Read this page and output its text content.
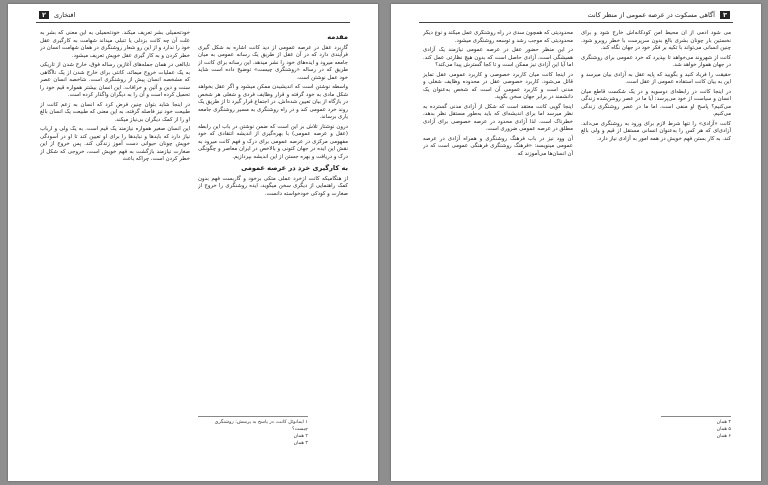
۲ افتخاری
مقدمه

گاربرد عقل در عرصه عمومی از دید کانت اشاره به شکل گیری فرآیندی دارد که در آن عقل از طریق یک رسانه عمومی به میان جامعه میرود و ایده‌های خود را نشر میدهد. این رسانه برای کانت از طریق که در رساله «روشنگری چیست» توضیح داده است شاید خود عمل نوشتن است.

واسطه نوشتن است که اندیشیدن ممکن میشود و اگر عقل بخواهد شکل مادی به خود گرفته و قرار وظایف فردی و شغلی هر شخص در بازگاه از بیان تعیین شده‌اش، در اجتماع قرار گیرد تا از طریق یک روند خرد عمومی کند و در راه روشنگری به مسیر روشنگری جامعه یاری برساند.

درون نوشتار تلاش بر این است که ضمن نوشتن در باب این رابطه (عقل و عرصه عمومی) با بهره‌گیری از اندیشه انتقادی که خود مفهومی مرکزی در عرصه عمومی برای درک و فهم کانت میرود به نقش این ایده در جهان کنونی و بالاخص در ایران معاصر و چگونگی درک و دریافت و بهره جستن از این اندیشه بپردازیم.

به کارگیری خرد در عرصه عمومی

از هنگامیکه کانت ازخرد عملی متکی برخود و گاربست فهم بدون کمک راهنمایی از دیگری سخن میگوید، ایده روشنگری را خروج از صغارت و کودکی خودخواسته دانست.

خودتحمیلی بشر تعریف میکند. خودتحمیلی به این معنی که بشر به علت آن چه کانت بزدلی یا تنبلی میداند شهامت به کارگیری عقل خود را ندارد و از این رو شعار روشنگری در همان شهامت انسان در خطر کردن و به کار گیری عقل خویش تعریف میشود.

نابالغی در همان جمله‌های آغازین رساله فوق، خارج شدن از تاریکی به یک عملیات خروج میمانَد، کانتی برای خارج شدن از یک ناآگاهی که مشخصه انسان پیش از روشنگری است. شاخصه انسان عصر سنت و دین و آئین و خرافات. این انسان بیشتر همواره قیم خود را تحمیل کرده است و آن را به دیگران واگذار کرده است.

در اینجا شاید بتوان چنین فرض کرد که انسان به زعم کانت از طبیعت خود نیز فاصله گرفته، به این معنی که طبیعت یک انسان بالغ او را از کمک دیگران بی‌نیاز میکند.

این انسان صغیر همواره نیازمند یک قیم است. به یک ولی و ارباب نیاز دارد که بایدها و نبایدها را برای او تعیین کند تا او در آسودگی خویش چونان حیوانی دست آموز زندگی کند. پس خروج از این صغارت نیازمند بازگشت به فهم خویش است، خروجی که شکل از خطر کردن است، چراکه باعث

۱ ایمانوئل کانت، در پاسخ به پرسش: روشنگری چیست؟
۲ همان
۳ همان
آگاهی مسکوت در عرصه عمومی از منظر کانت ۳

می شود آدمی از آن محیط امن کودکانه‌اش خارج شود و برای نخستین بار چونان بشری بالغ بدون سرپرست با خطر روبرو شود. چنین انسانی می‌تواند با تکیه بر فکر خود در جهان نگاه کند.

کانت از شهروند می‌خواهد تا بپذیرد که خرد عمومی برای روشنگری در جهان هموار خواهد شد.

حقیقت را فریاد کنید و بگویید که پایه عقل به آزادی بیان میرسد و این به بیان کانت استفاده عمومی از عقل است.

در اینجا کانت در رابطه‌ای دوسویه و در یک شکست قاطع میان انسان و سیاست از خود می‌پرسد: آیا ما در عصر روشن‌شده زندگی می‌کنیم؟ پاسخ او منفی است، اما ما در عصر روشنگری زندگی می‌کنیم.

کانت «آزادی» را تنها شرط لازم برای ورود به روشنگری می‌داند. آزادی‌ای که هر کس را به‌عنوان انسانی مستقل از قیم و ولی بالغ کند. به کار بستن فهم خویش در همه امور به آزادی نیاز دارد.

محدودیتی که همچون سدی در راه روشنگری عمل میکند و نوع دیگر محدودیتی که موجب رشد و توسعه روشنگری میشود.

در این منظر حضور عقل در عرصه عمومی نیازمند یک آزادی همیشگی است، آزادی حاصل است که بدون هیچ نظارتی عمل کند. اما آیا این آزادی نیز ممکن است و تا کجا گسترش پیدا می‌کند؟

در اینجا کانت میان کاربرد خصوصی و کاربرد عمومی عقل تمایز قائل می‌شود. کاربرد خصوصی عقل در محدوده وظایف شغلی و مدنی است و کاربرد عمومی آن است که شخص به‌عنوان یک دانشمند در برابر جهان سخن بگوید.

اینجا گویی کانت معتقد است که شکل از آزادی مدنی گسترده به نظر میرسد اما برای اندیشه‌ای که باید به‌طور مستقل نظر بدهد، خطرناک است. لذا آزادی محدود در عرصه خصوصی برای آزادی مطلق در عرصه عمومی ضروری است.

آن وود نیز در باب فرهنگ روشنگری و همراه آزادی در عرصه عمومی مینویسد: «فرهنگ روشنگری فرهنگی عمومی است که در آن انسان‌ها می‌آموزند که

۴ همان
۵ همان
۶ همان
